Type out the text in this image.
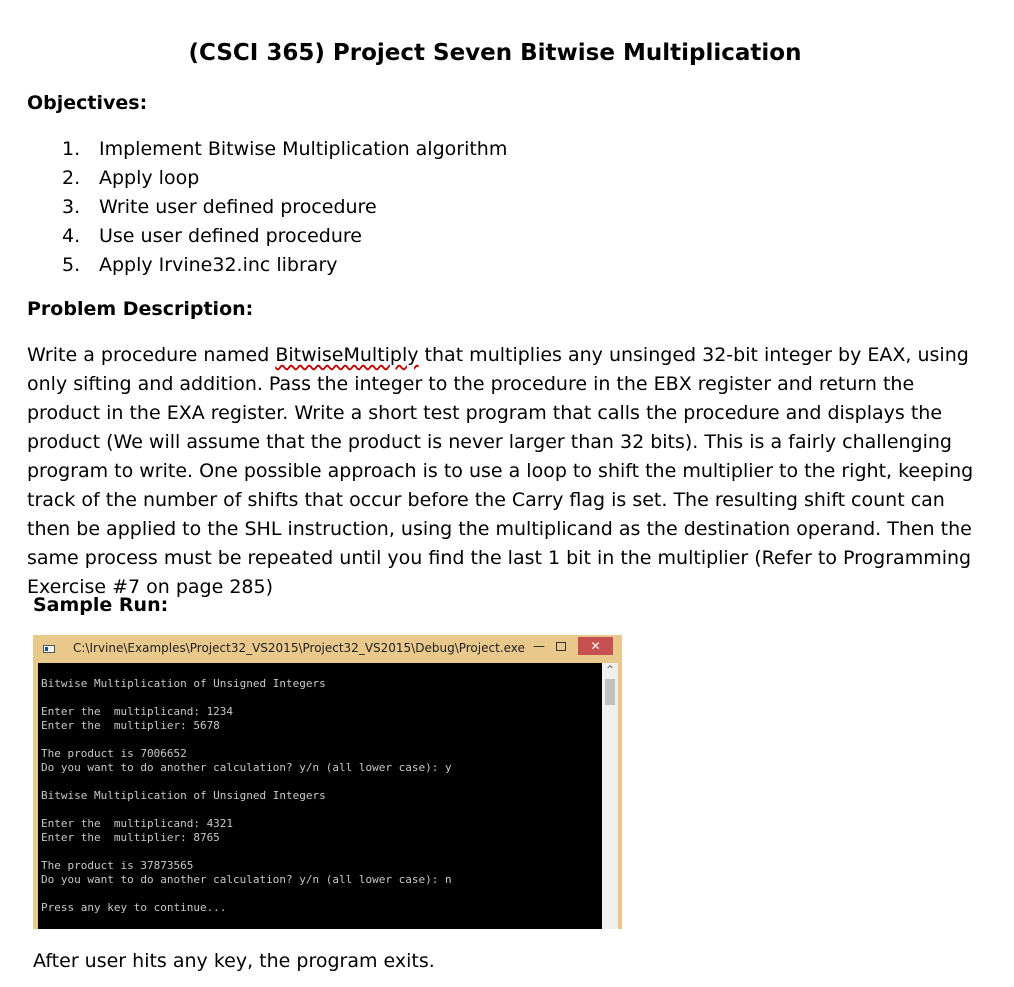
(CSCI 365) Project Seven Bitwise Multiplication
Objectives:
1. Implement Bitwise Multiplication algorithm
2. Apply loop
3. Write user defined procedure
4. Use user defined procedure
5. Apply Irvine32.inc library
Problem Description:

Write a procedure named BitwiseMultiply that multiplies any unsinged 32-bit integer by EAX, using only sifting and addition. Pass the integer to the procedure in the EBX register and return the product in the EXA register. Write a short test program that calls the procedure and displays the product (We will assume that the product is never larger than 32 bits). This is a fairly challenging program to write. One possible approach is to use a loop to shift the multiplier to the right, keeping track of the number of shifts that occur before the Carry flag is set. The resulting shift count can then be applied to the SHL instruction, using the multiplicand as the destination operand. Then the same process must be repeated until you find the last 1 bit in the multiplier (Refer to Programming Exercise #7 on page 285)

Sample Run:
C:\Irvine\Examples\Project32_VS2015\Project32_VS2015\Debug\Project.exe —	✕
Bitwise Multiplication of Unsigned Integers

Enter the  multiplicand: 1234
Enter the  multiplier: 5678

The product is 7006652
Do you want to do another calculation? y/n (all lower case): y

Bitwise Multiplication of Unsigned Integers

Enter the  multiplicand: 4321
Enter the  multiplier: 8765

The product is 37873565
Do you want to do another calculation? y/n (all lower case): n

Press any key to continue...
^
After user hits any key, the program exits.
